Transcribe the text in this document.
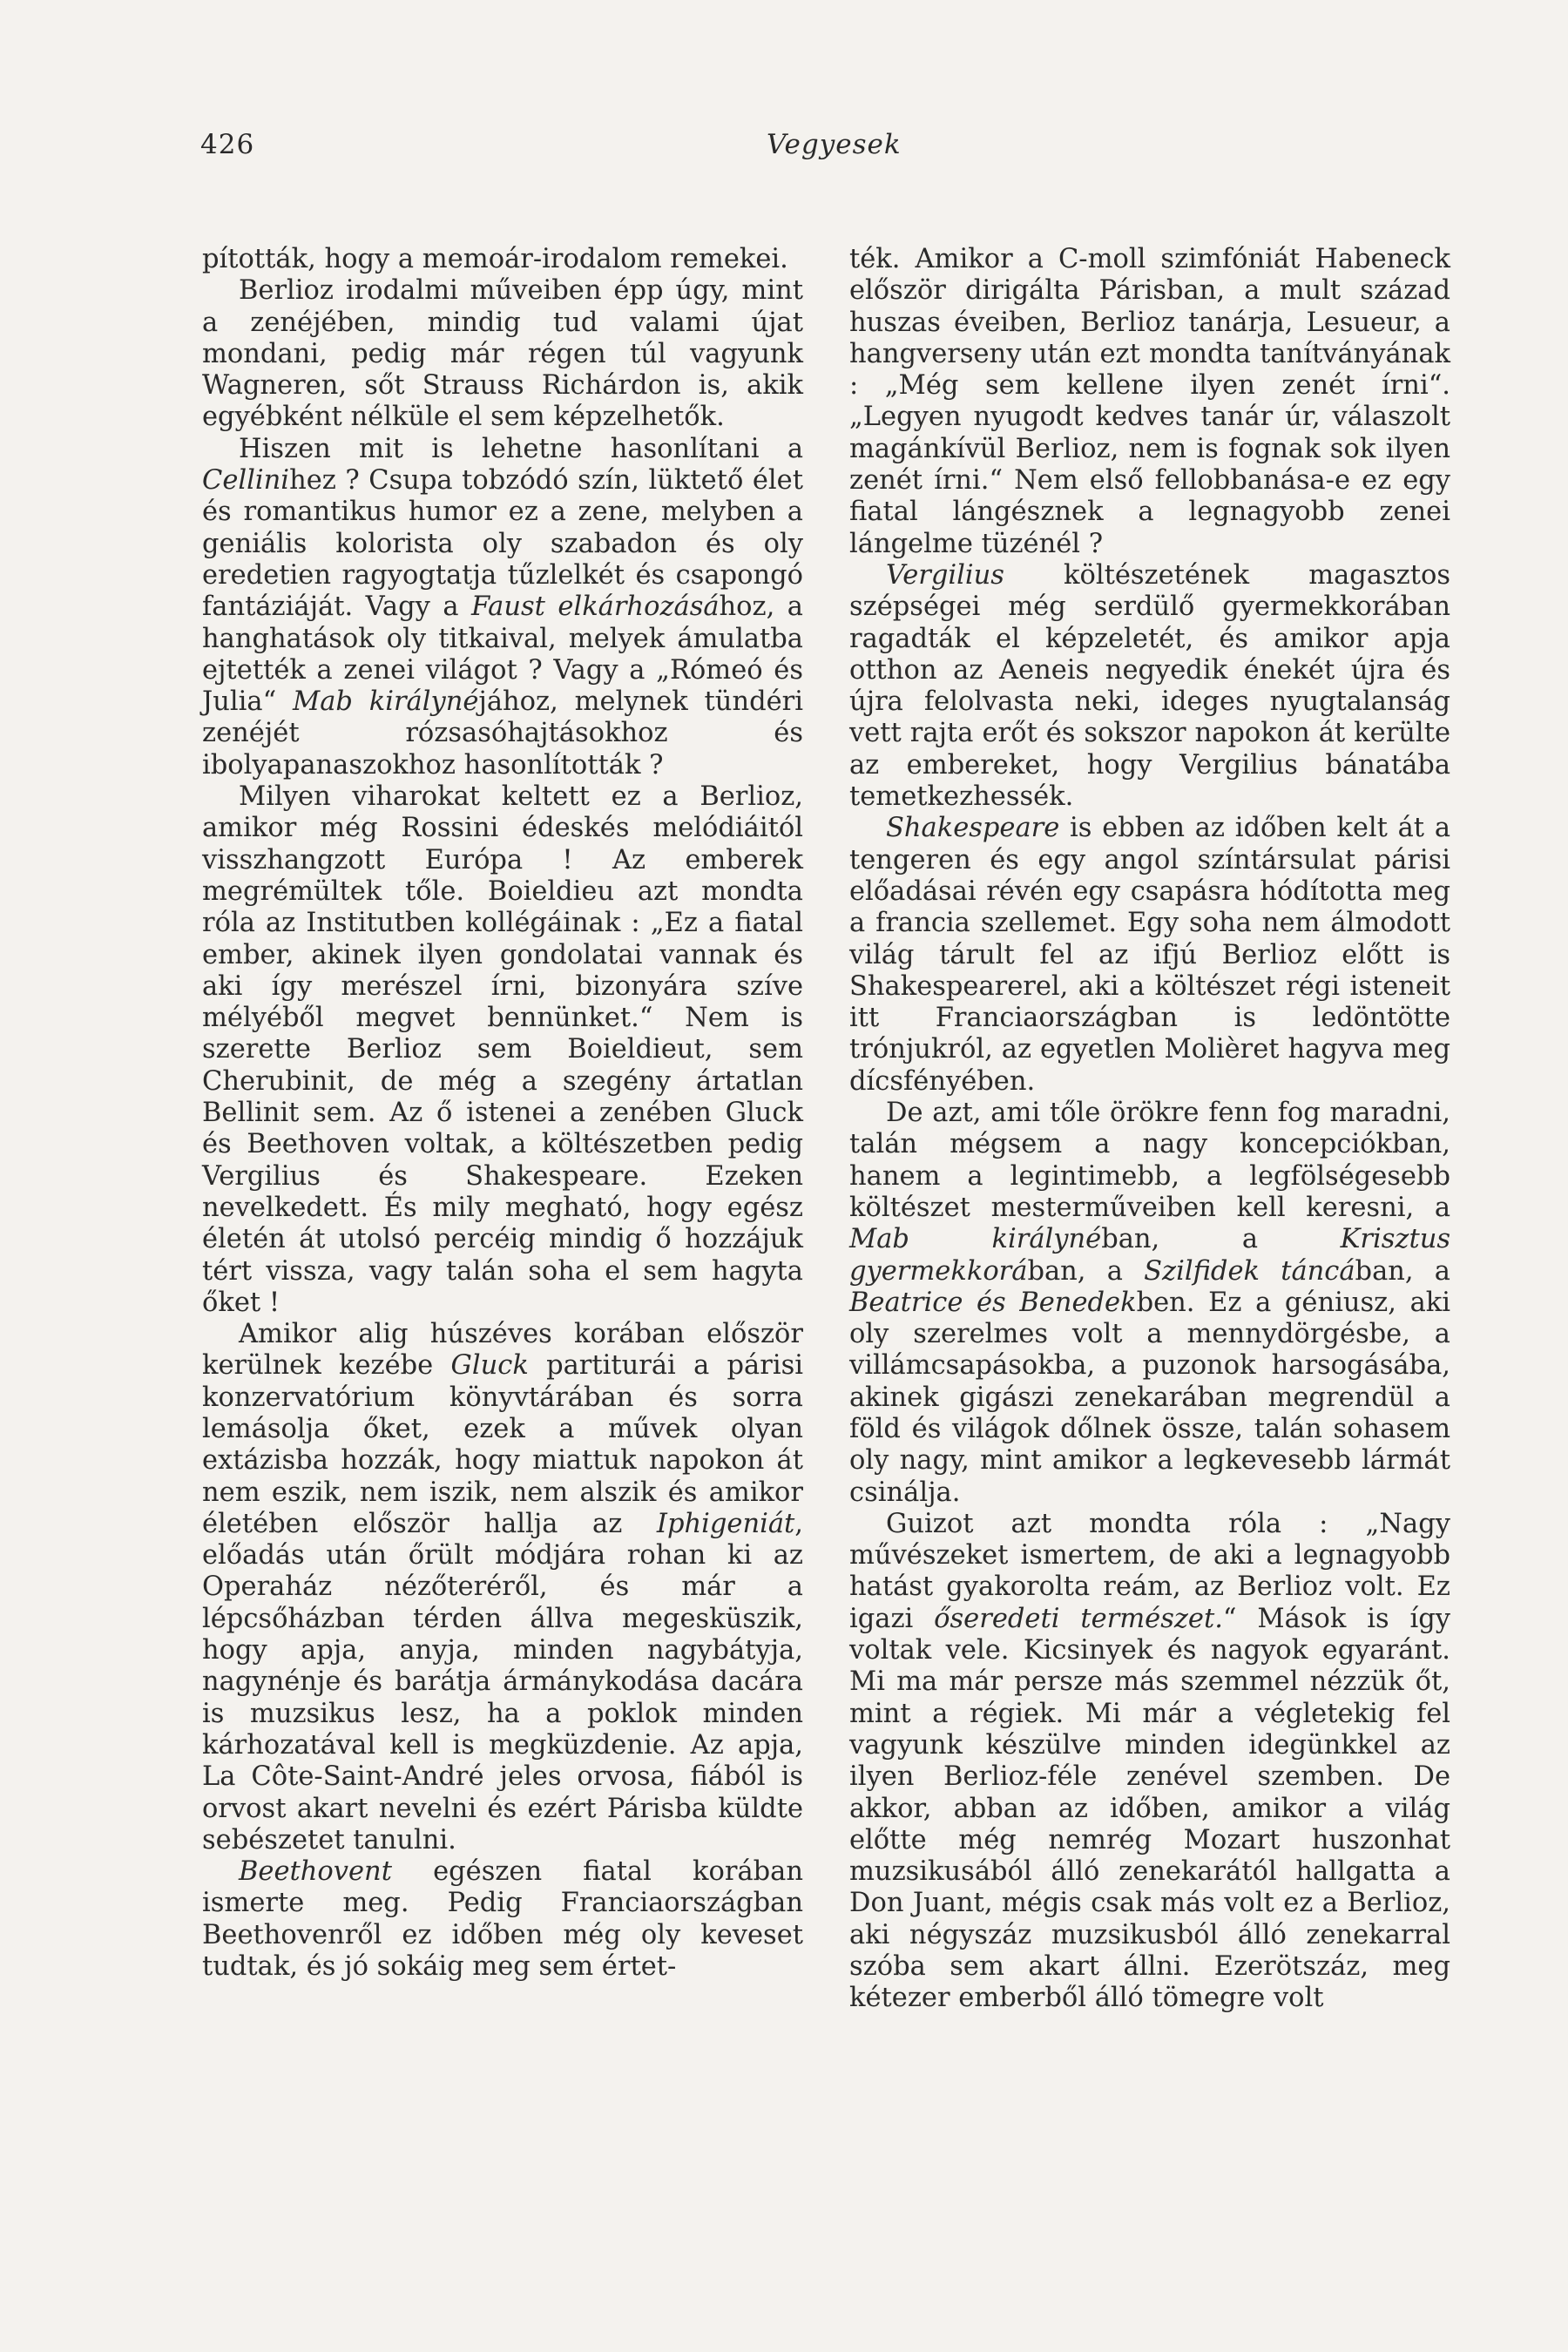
426	Vegyesek

pították, hogy a memoár-irodalom remekei.

Berlioz irodalmi műveiben épp úgy, mint a zenéjében, mindig tud valami újat mondani, pedig már régen túl vagyunk Wagneren, sőt Strauss Richárdon is, akik egyébként nélküle el sem képzelhetők.

Hiszen mit is lehetne hasonlítani a Cellinihez ? Csupa tobzódó szín, lüktető élet és romantikus humor ez a zene, melyben a geniális kolorista oly szabadon és oly eredetien ragyogtatja tűzlelkét és csapongó fantáziáját. Vagy a Faust elkárhozásához, a hanghatások oly titkaival, melyek ámulatba ejtették a zenei világot ? Vagy a „Rómeó és Julia“ Mab királynéjához, melynek tündéri zenéjét rózsasóhajtásokhoz és ibolyapanaszokhoz hasonlították ?

Milyen viharokat keltett ez a Berlioz, amikor még Rossini édeskés melódiáitól visszhangzott Európa ! Az emberek megrémültek tőle. Boieldieu azt mondta róla az Institutben kollégáinak : „Ez a fiatal ember, akinek ilyen gondolatai vannak és aki így merészel írni, bizonyára szíve mélyéből megvet bennünket.“ Nem is szerette Berlioz sem Boieldieut, sem Cherubinit, de még a szegény ártatlan Bellinit sem. Az ő istenei a zenében Gluck és Beethoven voltak, a költészetben pedig Vergilius és Shakespeare. Ezeken nevelkedett. És mily megható, hogy egész életén át utolsó percéig mindig ő hozzájuk tért vissza, vagy talán soha el sem hagyta őket !

Amikor alig húszéves korában először kerülnek kezébe Gluck partiturái a párisi konzervatórium könyvtárában és sorra lemásolja őket, ezek a művek olyan extázisba hozzák, hogy miattuk napokon át nem eszik, nem iszik, nem alszik és amikor életében először hallja az Iphigeniát, előadás után őrült módjára rohan ki az Operaház nézőteréről, és már a lépcsőházban térden állva megesküszik, hogy apja, anyja, minden nagybátyja, nagynénje és barátja ármánykodása dacára is muzsikus lesz, ha a poklok minden kárhozatával kell is megküzdenie. Az apja, La Côte-Saint-André jeles orvosa, fiából is orvost akart nevelni és ezért Párisba küldte sebészetet tanulni.

Beethovent egészen fiatal korában ismerte meg. Pedig Franciaországban Beethovenről ez időben még oly keveset tudtak, és jó sokáig meg sem értet-

ték. Amikor a C-moll szimfóniát Habeneck először dirigálta Párisban, a mult század huszas éveiben, Berlioz tanárja, Lesueur, a hangverseny után ezt mondta tanítványának : „Még sem kellene ilyen zenét írni“. „Legyen nyugodt kedves tanár úr, válaszolt magánkívül Berlioz, nem is fognak sok ilyen zenét írni.“ Nem első fellobbanása-e ez egy fiatal lángésznek a legnagyobb zenei lángelme tüzénél ?

Vergilius költészetének magasztos szépségei még serdülő gyermekkorában ragadták el képzeletét, és amikor apja otthon az Aeneis negyedik énekét újra és újra felolvasta neki, ideges nyugtalanság vett rajta erőt és sokszor napokon át kerülte az embereket, hogy Vergilius bánatába temetkezhessék.

Shakespeare is ebben az időben kelt át a tengeren és egy angol színtársulat párisi előadásai révén egy csapásra hódította meg a francia szellemet. Egy soha nem álmodott világ tárult fel az ifjú Berlioz előtt is Shakespearerel, aki a költészet régi isteneit itt Franciaországban is ledöntötte trónjukról, az egyetlen Molièret hagyva meg dícsfényében.

De azt, ami tőle örökre fenn fog maradni, talán mégsem a nagy koncepciókban, hanem a legintimebb, a legfölségesebb költészet mesterműveiben kell keresni, a Mab királynéban, a Krisztus gyermekkorában, a Szilfidek táncában, a Beatrice és Benedekben. Ez a géniusz, aki oly szerelmes volt a mennydörgésbe, a villámcsapásokba, a puzonok harsogásába, akinek gigászi zenekarában megrendül a föld és világok dőlnek össze, talán sohasem oly nagy, mint amikor a legkevesebb lármát csinálja.

Guizot azt mondta róla : „Nagy művészeket ismertem, de aki a legnagyobb hatást gyakorolta reám, az Berlioz volt. Ez igazi őseredeti természet.“ Mások is így voltak vele. Kicsinyek és nagyok egyaránt. Mi ma már persze más szemmel nézzük őt, mint a régiek. Mi már a végletekig fel vagyunk készülve minden idegünkkel az ilyen Berlioz-féle zenével szemben. De akkor, abban az időben, amikor a világ előtte még nemrég Mozart huszonhat muzsikusából álló zenekarától hallgatta a Don Juant, mégis csak más volt ez a Berlioz, aki négyszáz muzsikusból álló zenekarral szóba sem akart állni. Ezerötszáz, meg kétezer emberből álló tömegre volt
